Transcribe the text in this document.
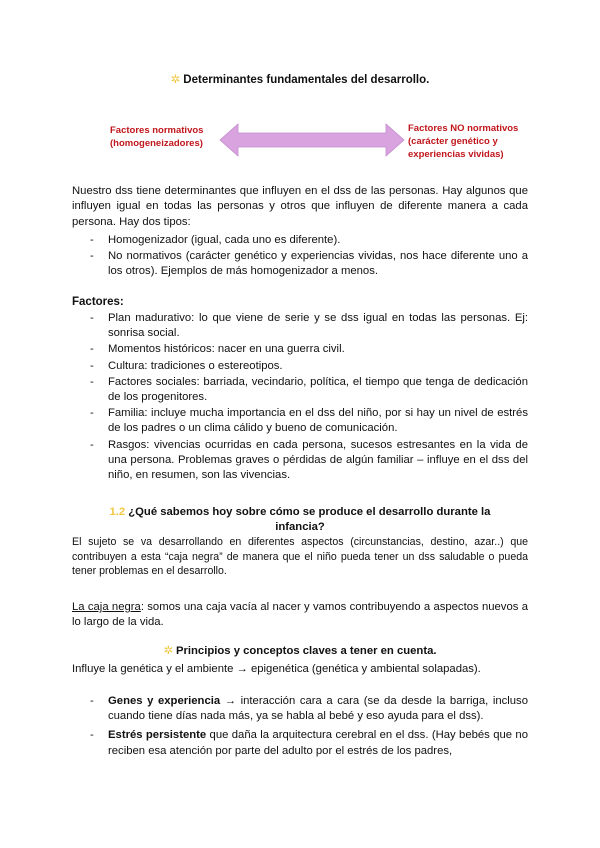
✲ Determinantes fundamentales del desarrollo.
Factores normativos
(homogeneizadores)
Factores NO normativos
(carácter genético y
experiencias vividas)
Nuestro dss tiene determinantes que influyen en el dss de las personas. Hay algunos que influyen igual en todas las personas y otros que influyen de diferente manera a cada persona. Hay dos tipos:
- Homogenizador (igual, cada uno es diferente).
- No normativos (carácter genético y experiencias vividas, nos hace diferente uno a los otros). Ejemplos de más homogenizador a menos.
Factores:
- Plan madurativo: lo que viene de serie y se dss igual en todas las personas. Ej: sonrisa social.
- Momentos históricos: nacer en una guerra civil.
- Cultura: tradiciones o estereotipos.
- Factores sociales: barriada, vecindario, política, el tiempo que tenga de dedicación de los progenitores.
- Familia: incluye mucha importancia en el dss del niño, por si hay un nivel de estrés de los padres o un clima cálido y bueno de comunicación.
- Rasgos: vivencias ocurridas en cada persona, sucesos estresantes en la vida de una persona. Problemas graves o pérdidas de algún familiar – influye en el dss del niño, en resumen, son las vivencias.
1.2 ¿Qué sabemos hoy sobre cómo se produce el desarrollo durante la
infancia?
El sujeto se va desarrollando en diferentes aspectos (circunstancias, destino, azar..) que contribuyen a esta “caja negra” de manera que el niño pueda tener un dss saludable o pueda tener problemas en el desarrollo.
La caja negra: somos una caja vacía al nacer y vamos contribuyendo a aspectos nuevos a lo largo de la vida.
✲ Principios y conceptos claves a tener en cuenta.
Influye la genética y el ambiente → epigenética (genética y ambiental solapadas).
- Genes y experiencia → interacción cara a cara (se da desde la barriga, incluso cuando tiene días nada más, ya se habla al bebé y eso ayuda para el dss).
- Estrés persistente que daña la arquitectura cerebral en el dss. (Hay bebés que no reciben esa atención por parte del adulto por el estrés de los padres,
